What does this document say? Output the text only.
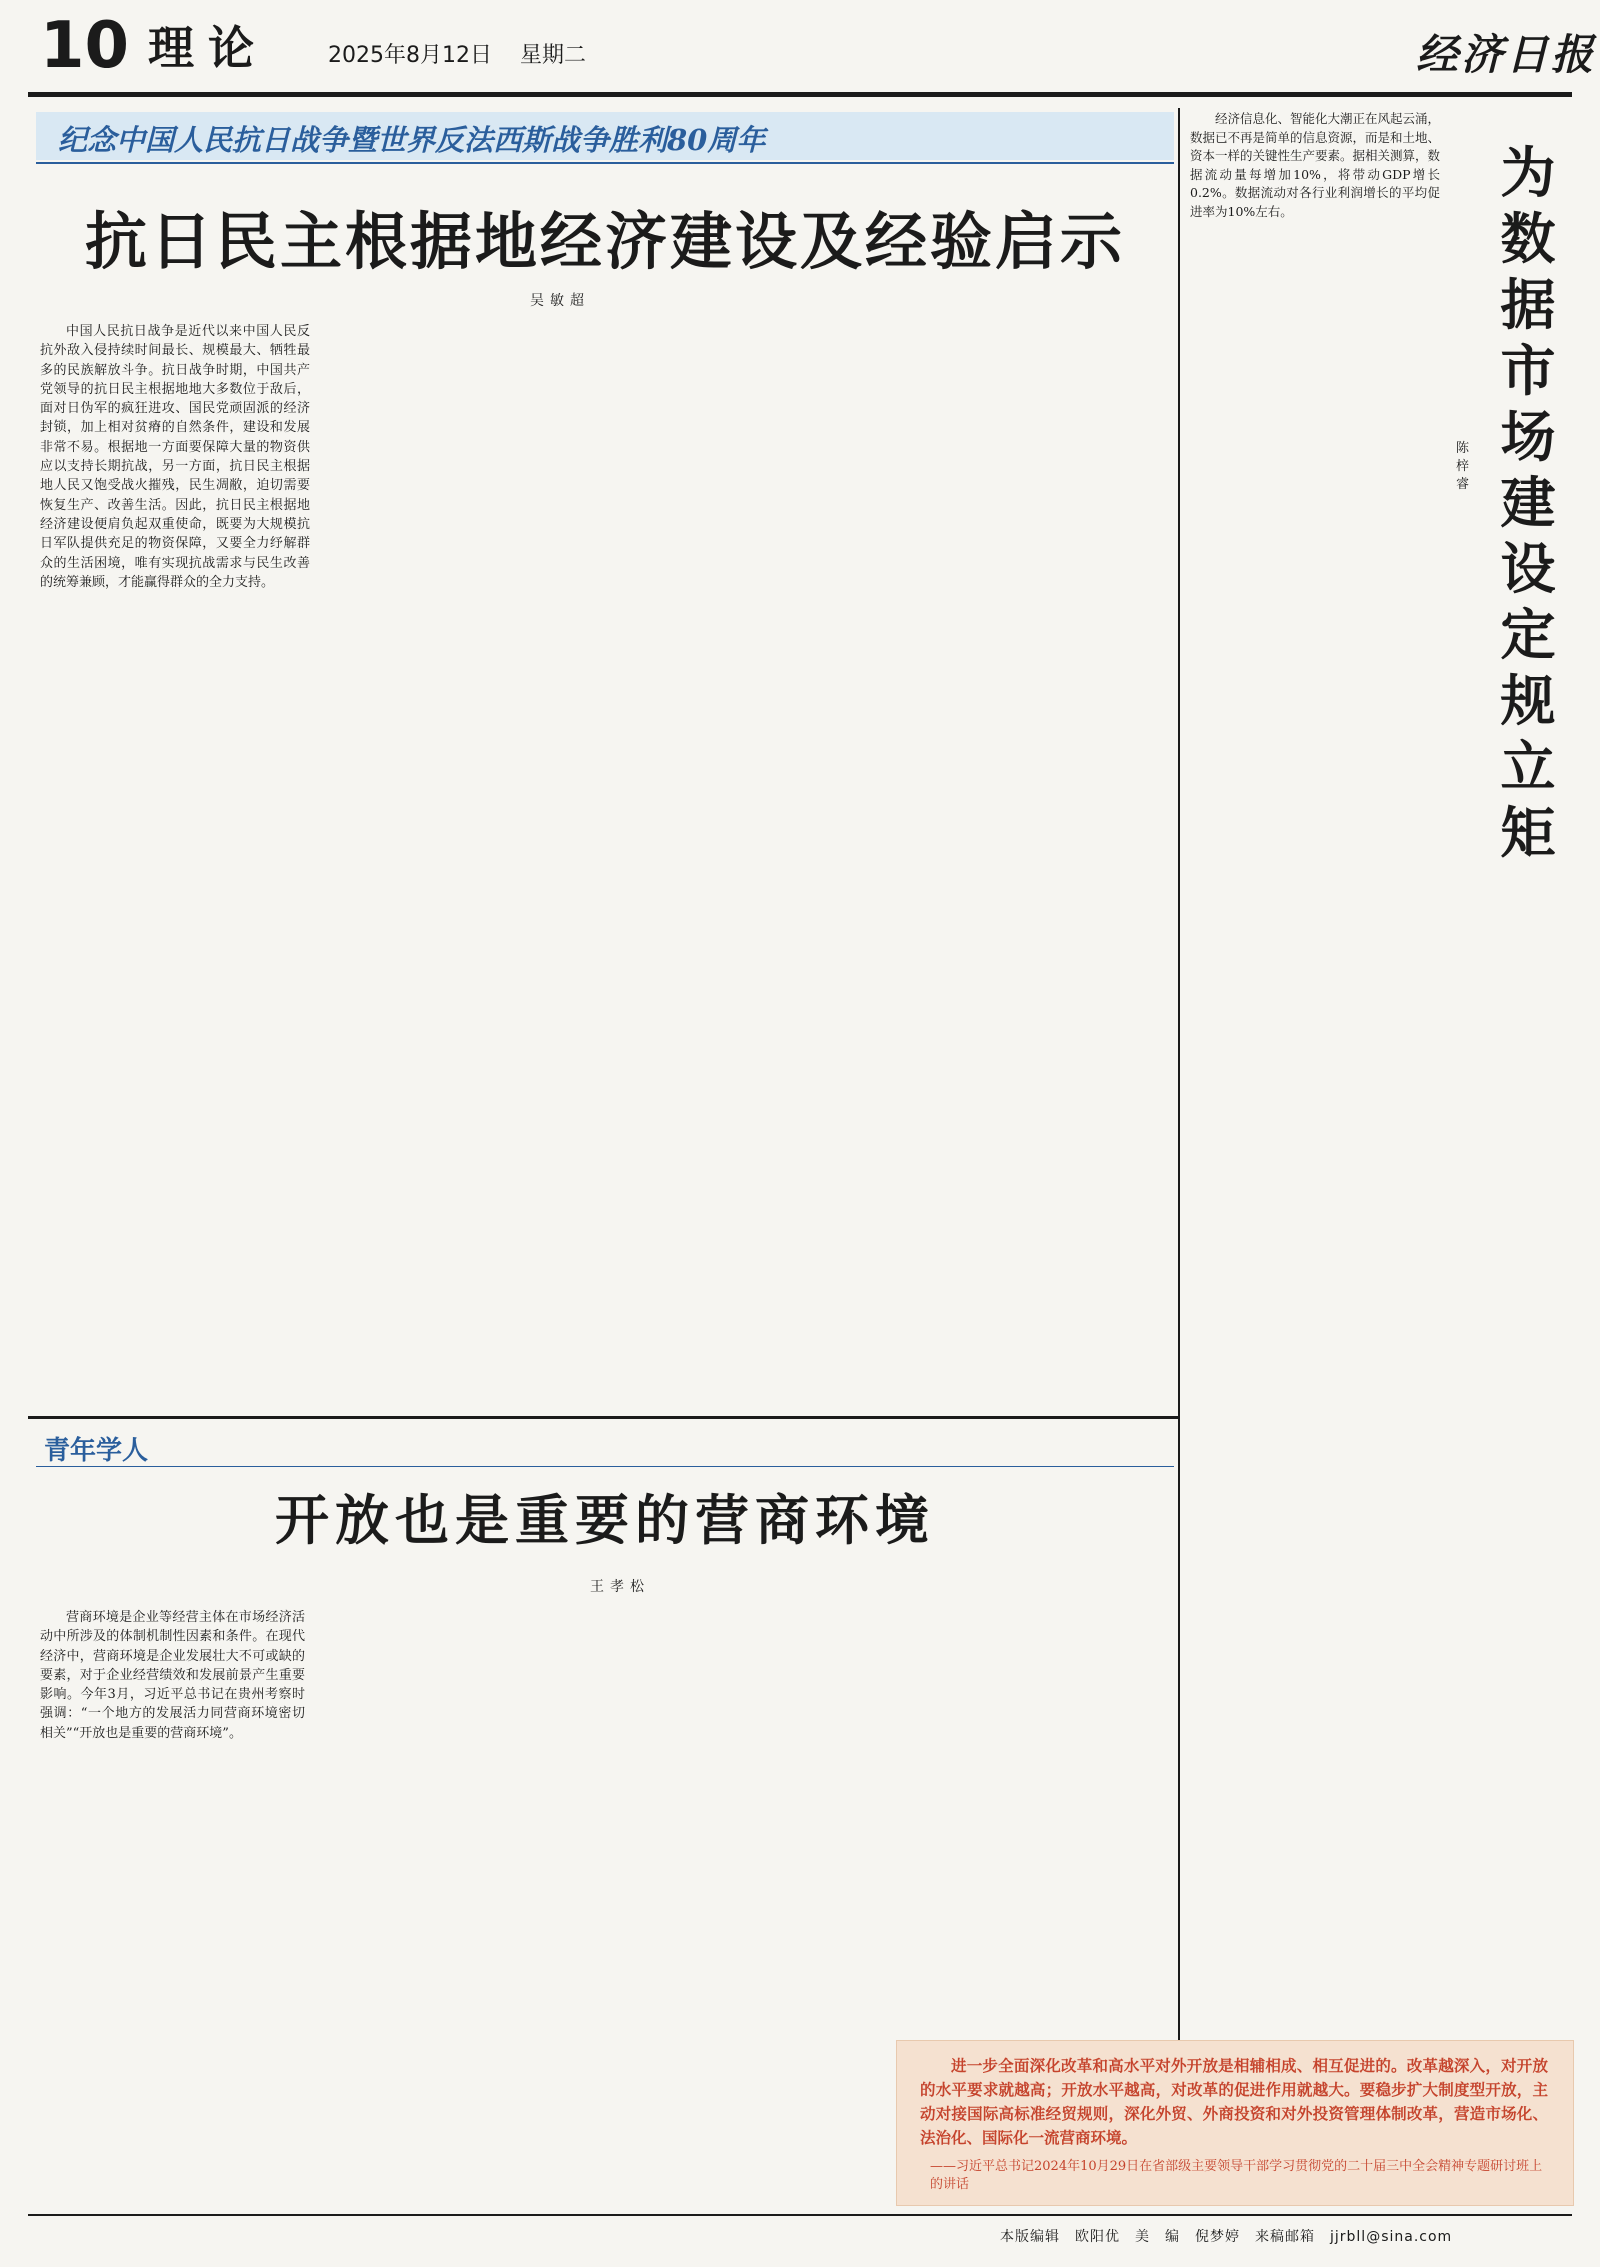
10 理论	2025年8月12日 星期二	经济日报
纪念中国人民抗日战争暨世界反法西斯战争胜利80周年
抗日民主根据地经济建设及经验启示
吴敏超
中国人民抗日战争是近代以来中国人民反抗外敌入侵持续时间最长、规模最大、牺牲最多的民族解放斗争。抗日战争时期，中国共产党领导的抗日民主根据地地大多数位于敌后，面对日伪军的疯狂进攻、国民党顽固派的经济封锁，加上相对贫瘠的自然条件，建设和发展非常不易。根据地一方面要保障大量的物资供应以支持长期抗战，另一方面，抗日民主根据地人民又饱受战火摧残，民生凋敝，迫切需要恢复生产、改善生活。因此，抗日民主根据地经济建设便肩负起双重使命，既要为大规模抗日军队提供充足的物资保障，又要全力纾解群众的生活困境，唯有实现抗战需求与民生改善的统筹兼顾，才能赢得群众的全力支持。
经济信息化、智能化大潮正在风起云涌，数据已不再是简单的信息资源，而是和土地、资本一样的关键性生产要素。据相关测算，数据流动量每增加10%，将带动GDP增长0.2%。数据流动对各行业利润增长的平均促进率为10%左右。
陈梓睿
为数据市场建设定规立矩
青年学人
开放也是重要的营商环境
王孝松
营商环境是企业等经营主体在市场经济活动中所涉及的体制机制性因素和条件。在现代经济中，营商环境是企业发展壮大不可或缺的要素，对于企业经营绩效和发展前景产生重要影响。今年3月，习近平总书记在贵州考察时强调：“一个地方的发展活力同营商环境密切相关”“开放也是重要的营商环境”。
进一步全面深化改革和高水平对外开放是相辅相成、相互促进的。改革越深入，对开放的水平要求就越高；开放水平越高，对改革的促进作用就越大。要稳步扩大制度型开放，主动对接国际高标准经贸规则，深化外贸、外商投资和对外投资管理体制改革，营造市场化、法治化、国际化一流营商环境。
——习近平总书记2024年10月29日在省部级主要领导干部学习贯彻党的二十届三中全会精神专题研讨班上的讲话
本版编辑　欧阳优　美　编　倪梦婷　来稿邮箱　jjrbll@sina.com
